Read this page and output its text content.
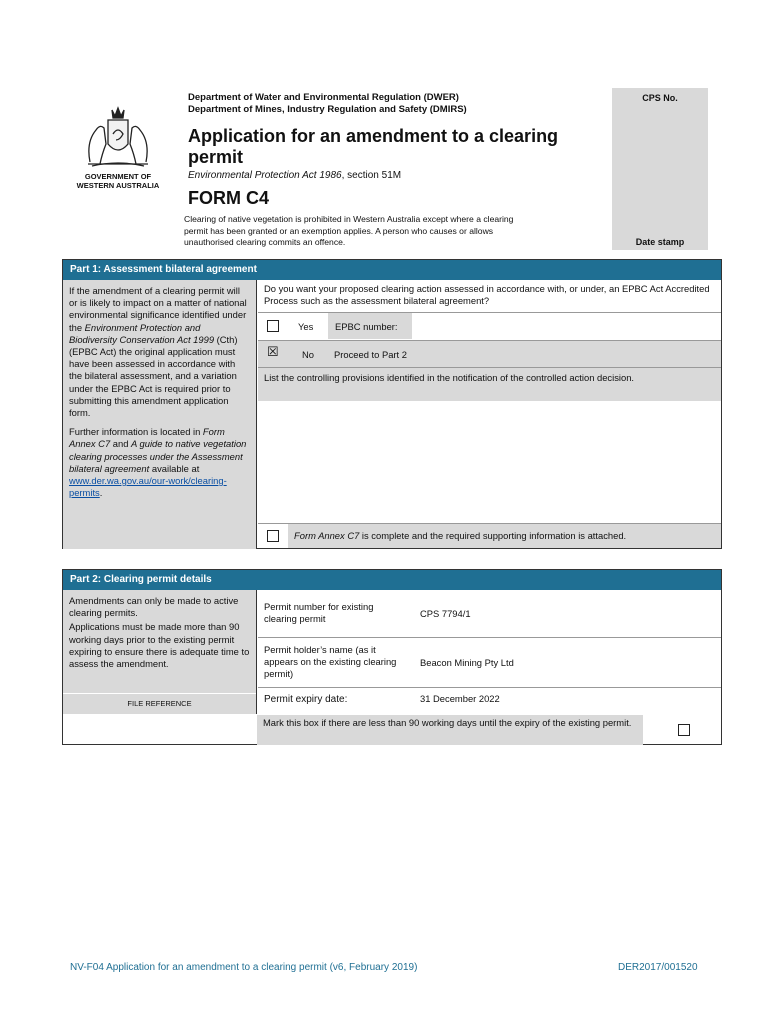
GOVERNMENT OF
WESTERN AUSTRALIA
Department of Water and Environmental Regulation (DWER)
Department of Mines, Industry Regulation and Safety (DMIRS)
Application for an amendment to a clearing
permit
Environmental Protection Act 1986, section 51M
FORM C4
Clearing of native vegetation is prohibited in Western Australia except where a clearing
permit has been granted or an exemption applies. A person who causes or allows
unauthorised clearing commits an offence.
CPS No.
Date stamp
Part 1: Assessment bilateral agreement

If the amendment of a clearing permit will or is likely to impact on a matter of national environmental significance identified under the Environment Protection and Biodiversity Conservation Act 1999 (Cth) (EPBC Act) the original application must have been assessed in accordance with the bilateral assessment, and a variation under the EPBC Act is required prior to submitting this amendment application form.

Further information is located in Form Annex C7 and A guide to native vegetation clearing processes under the Assessment bilateral agreement available at www.der.wa.gov.au/our-work/clearing-permits.

Do you want your proposed clearing action assessed in accordance with, or under, an EPBC Act Accredited Process such as the assessment bilateral agreement?
Yes EPBC number:
☒ No Proceed to Part 2
List the controlling provisions identified in the notification of the controlled action decision.
Form Annex C7 is complete and the required supporting information is attached.
Part 2: Clearing permit details

Amendments can only be made to active clearing permits.

Applications must be made more than 90 working days prior to the existing permit expiring to ensure there is adequate time to assess the amendment.

FILE REFERENCE
Permit number for existing clearing permit	CPS 7794/1
Permit holder’s name (as it appears on the existing clearing permit)
Beacon Mining Pty Ltd
Permit expiry date:	31 December 2022
Mark this box if there are less than 90 working days until the expiry of the existing permit.
NV-F04 Application for an amendment to a clearing permit (v6, February 2019)	DER2017/001520
